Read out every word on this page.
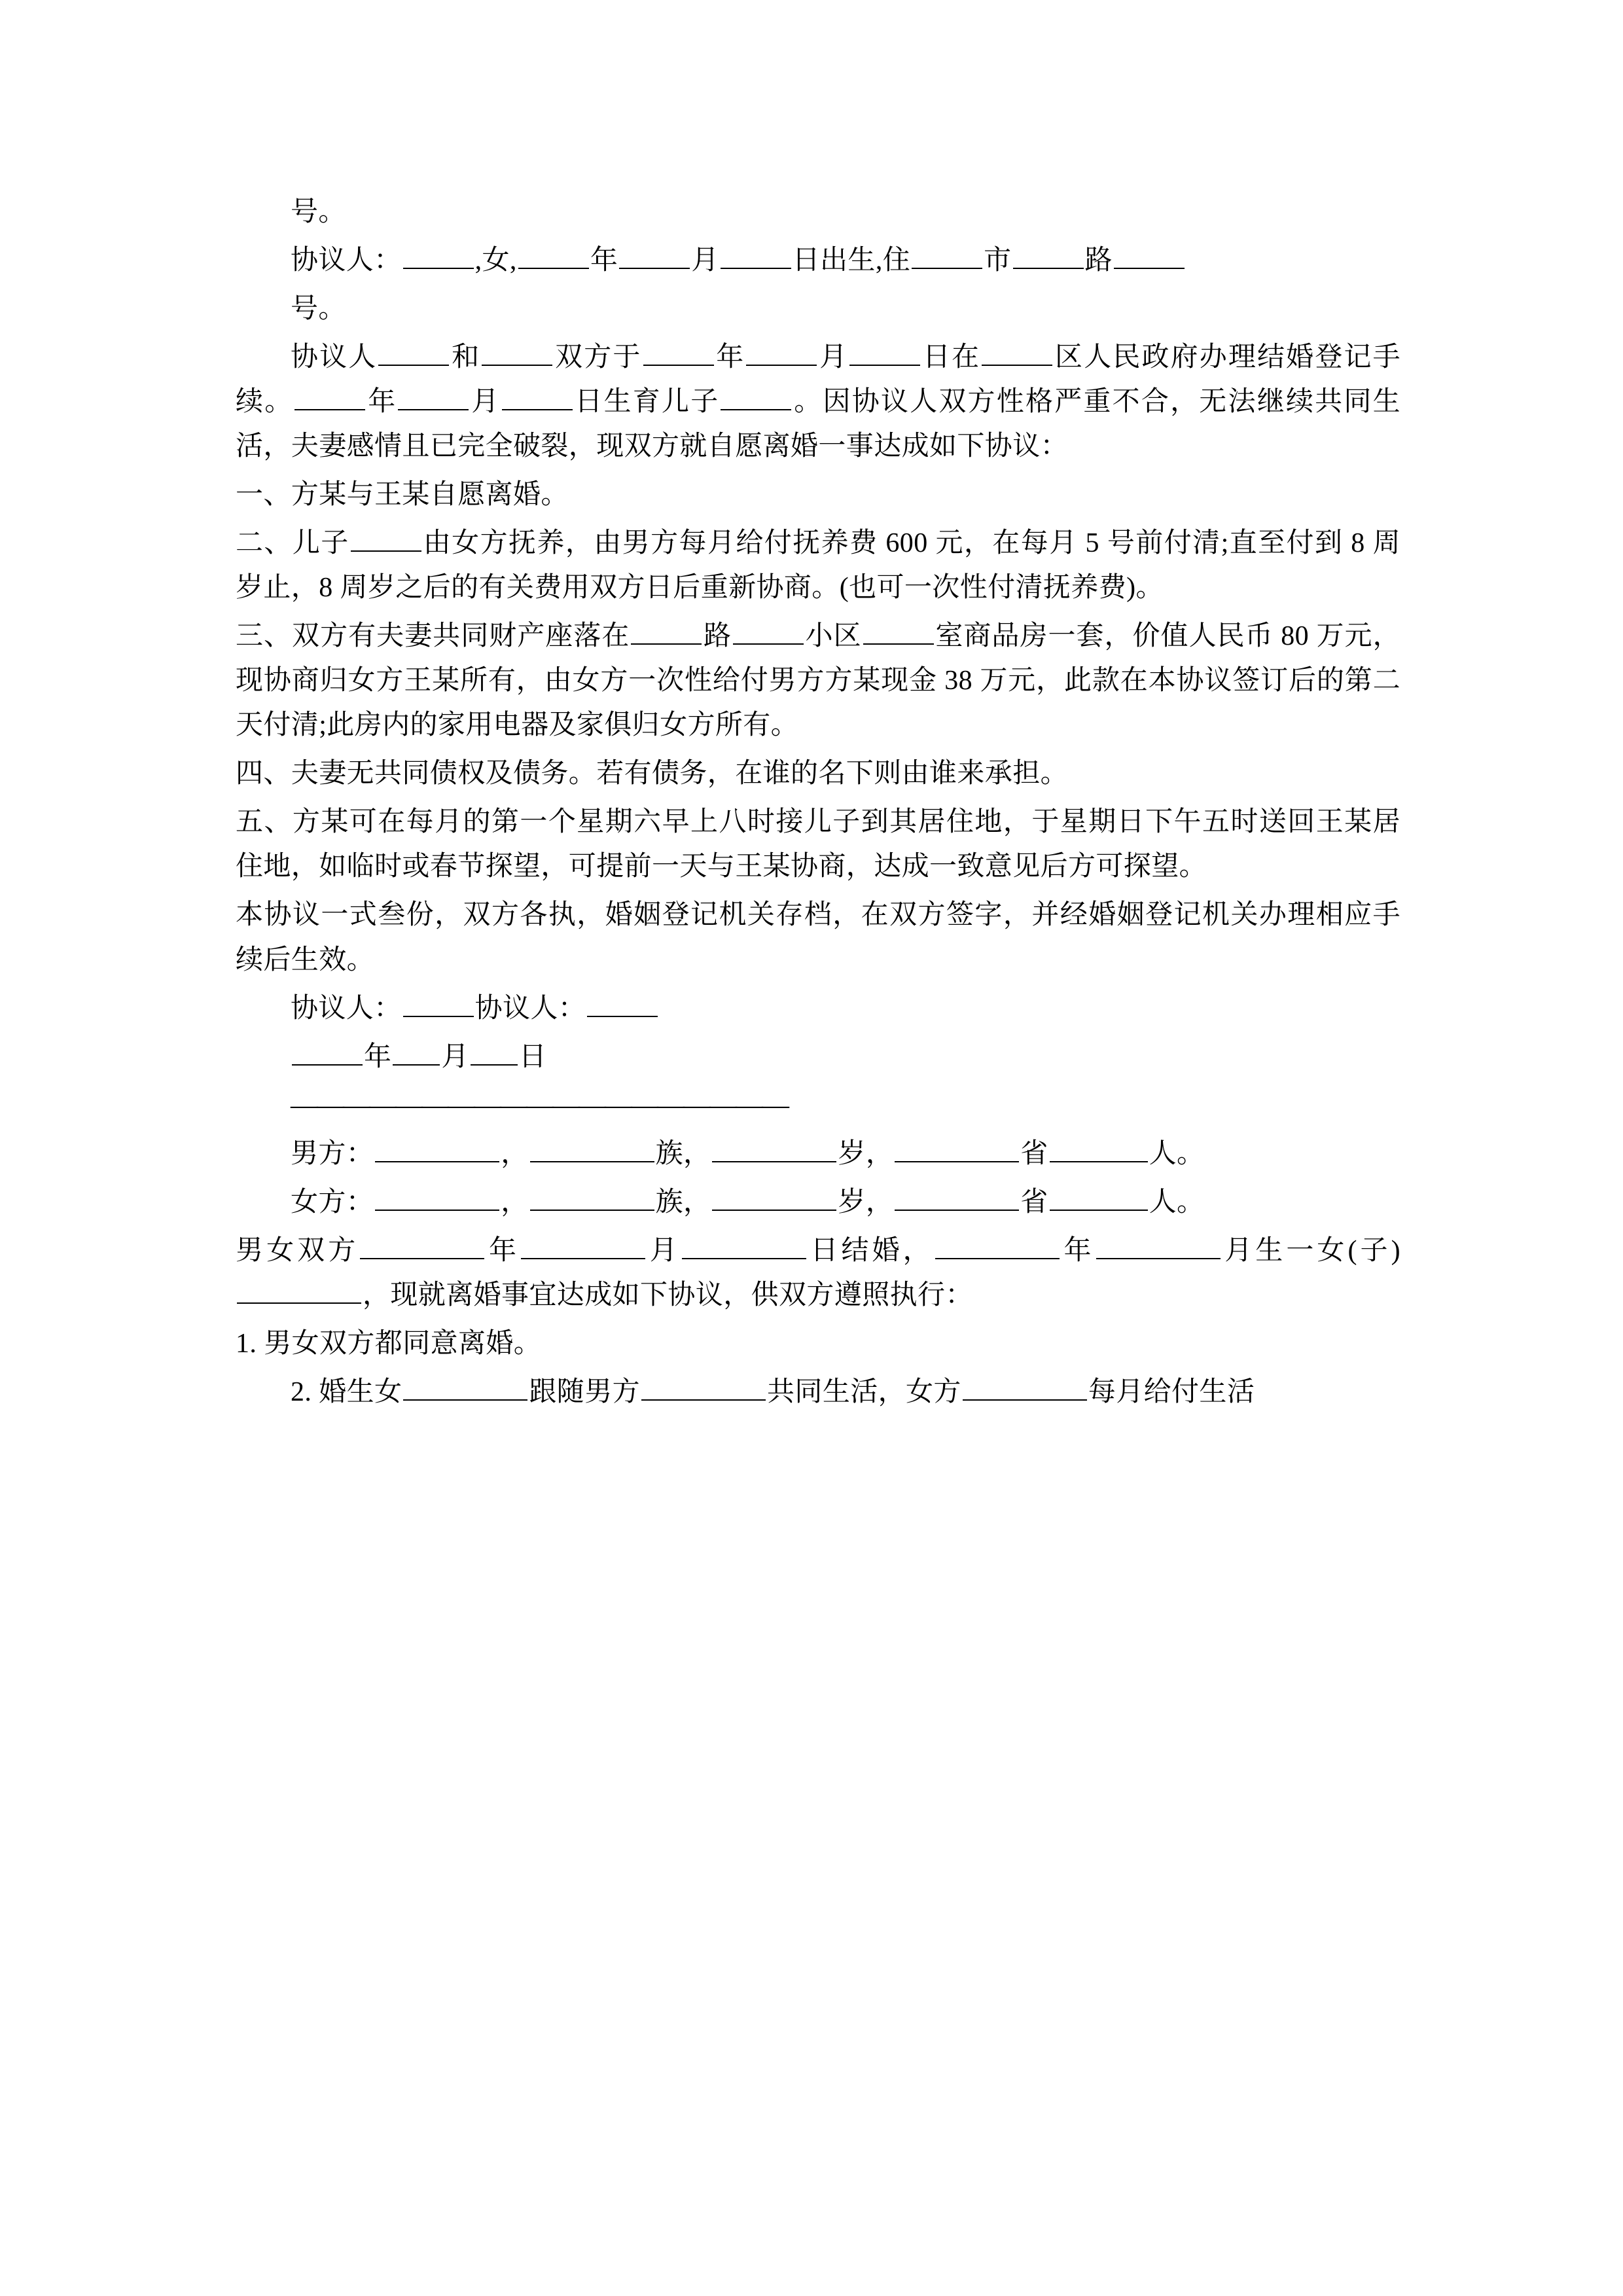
号。

协议人：	,女,	年	月	日出生,住	市	路

号。

协议人	和	双方于	年	月	日在	区人民政府办理结婚登记手续。	年	月	日生育儿子	。因协议人双方性格严重不合，无法继续共同生活，夫妻感情且已完全破裂，现双方就自愿离婚一事达成如下协议：

一、方某与王某自愿离婚。

二、儿子	由女方抚养，由男方每月给付抚养费 600 元，在每月 5 号前付清;直至付到 8 周岁止，8 周岁之后的有关费用双方日后重新协商。(也可一次性付清抚养费)。

三、双方有夫妻共同财产座落在	路	小区	室商品房一套，价值人民币 80 万元，现协商归女方王某所有，由女方一次性给付男方方某现金 38 万元，此款在本协议签订后的第二天付清;此房内的家用电器及家俱归女方所有。

四、夫妻无共同债权及债务。若有债务，在谁的名下则由谁来承担。

五、方某可在每月的第一个星期六早上八时接儿子到其居住地，于星期日下午五时送回王某居住地，如临时或春节探望，可提前一天与王某协商，达成一致意见后方可探望。

本协议一式叁份，双方各执，婚姻登记机关存档，在双方签字，并经婚姻登记机关办理相应手续后生效。

协议人：	协议人：

年 月 日

———————————————————

男方：	，	族，	岁，	省	人。

女方：	，	族，	岁，	省	人。

男女双方	年	月	日结婚，	年	月生一女(子)，现就离婚事宜达成如下协议，供双方遵照执行：

1. 男女双方都同意离婚。

2. 婚生女	跟随男方	共同生活，女方	每月给付生活
